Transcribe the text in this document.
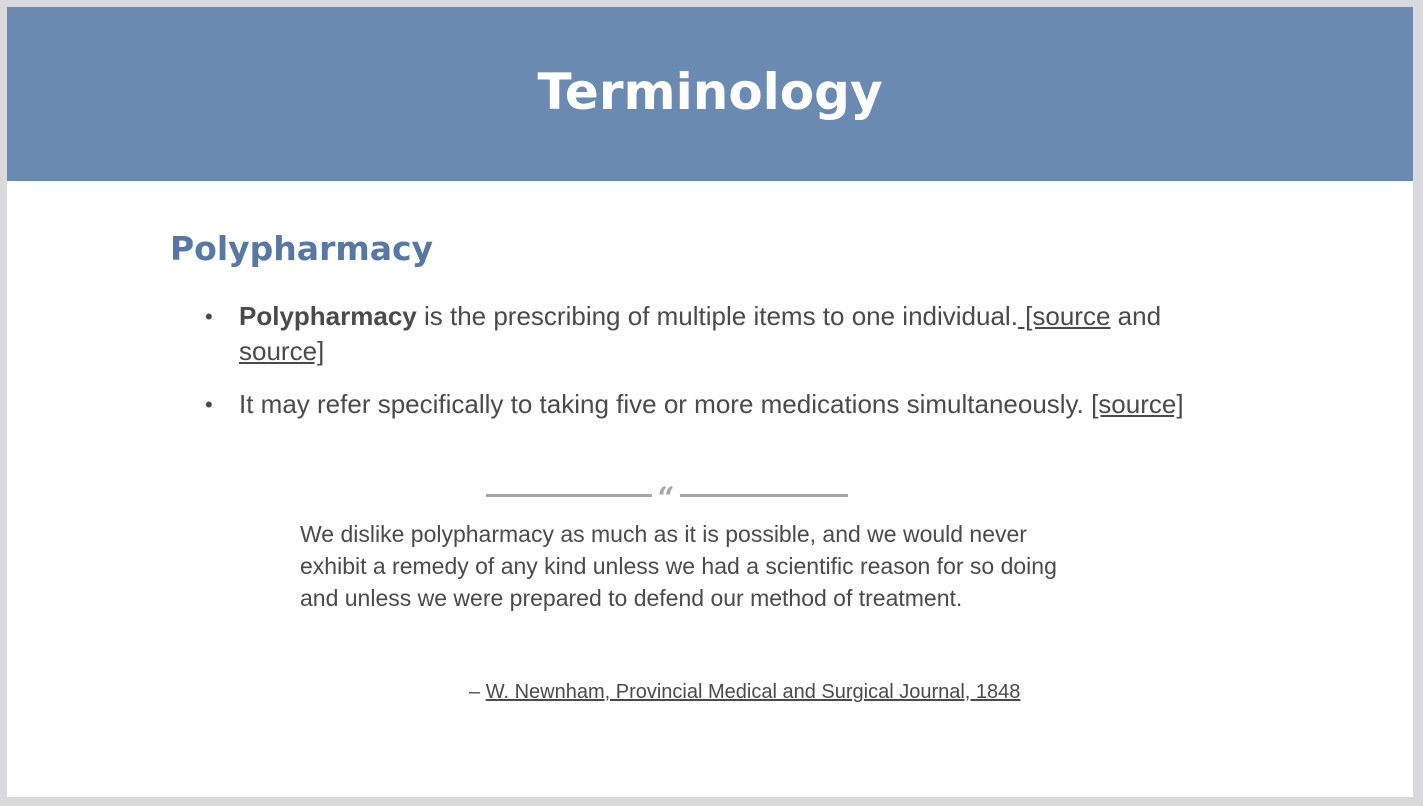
Terminology
Polypharmacy
• Polypharmacy is the prescribing of multiple items to one individual. [source and source]
• It may refer specifically to taking five or more medications simultaneously. [source]
“

We dislike polypharmacy as much as it is possible, and we would never exhibit a remedy of any kind unless we had a scientific reason for so doing and unless we were prepared to defend our method of treatment.

– W. Newnham, Provincial Medical and Surgical Journal, 1848
